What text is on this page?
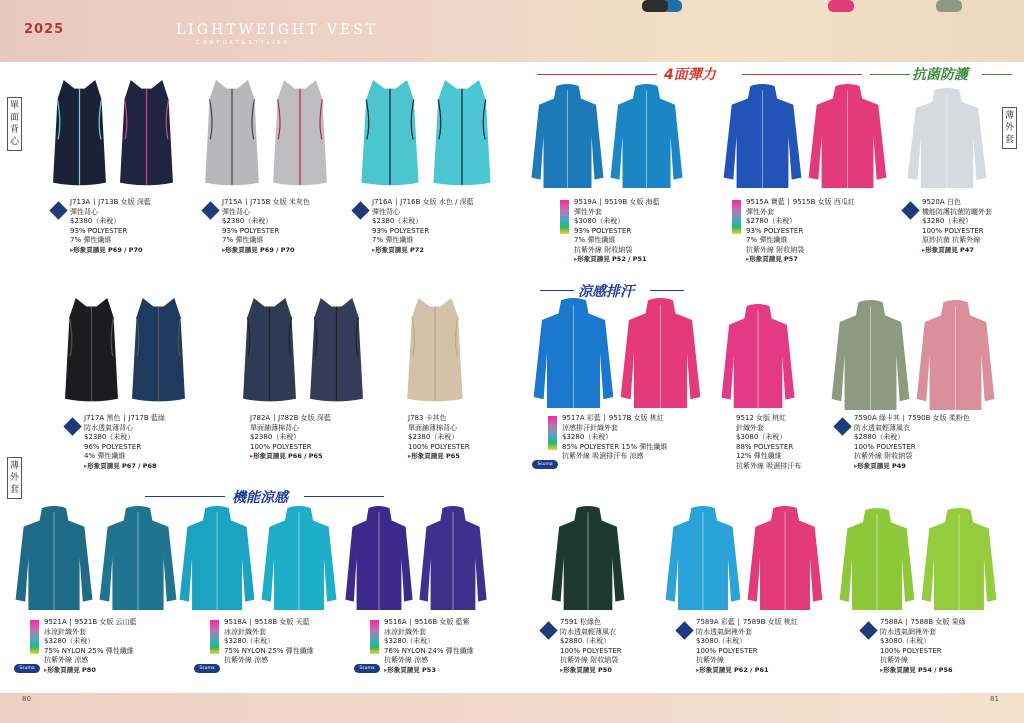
2025	LIGHTWEIGHT VEST
COMFORT&STYLISH
單
面
背
心
薄
外
套
薄
外
套
4面彈力	抗菌防護
涼感排汗
機能涼感
J713A ∣ J713B 女版 深藍
彈性背心
$2380（未稅）
93% POLYESTER
7% 彈性纖維
▸ 形象頁請見 P69 / P70
J715A ∣ J715B 女版 米灰色
彈性背心
$2380（未稅）
93% POLYESTER
7% 彈性纖維
▸ 形象頁請見 P69 / P70
J716A ∣ J716B 女版 水色 / 深藍
彈性背心
$2380（未稅）
93% POLYESTER
7% 彈性纖維
▸ 形象頁請見 P72
J717A 黑色 ∣ J717B 藍綠
防水透氣薄背心
$2380（未稅）
96% POLYESTER
4% 彈性纖維
▸ 形象頁請見 P67 / P68
J782A ∣ J782B 女版 深藍
單面鋪薄棉背心
$2380（未稅）
100% POLYESTER
▸ 形象頁請見 P66 / P65
J783 卡其色
單面鋪薄棉背心
$2380（未稅）
100% POLYESTER
▸ 形象頁請見 P65
9519A ∣ 9519B 女版 海藍
彈性外套
$3080（未稅）
93% POLYESTER
7% 彈性纖維
抗紫外線 附收納袋
▸ 形象頁請見 P52 / P51
9515A 寶藍 ∣ 9515B 女版 西瓜紅
彈性外套
$2780（未稅）
93% POLYESTER
7% 彈性纖維
抗紫外線 附收納袋
▸ 形象頁請見 P57
9520A 白色
機能防護抗菌防曬外套
$3280（未稅）
100% POLYESTER
原紗抗菌 抗紫外線
▸ 形象頁請見 P47
9517A 彩藍 ∣ 9517B 女版 桃紅
涼感排汗針織外套
$3280（未稅）
85% POLYESTER 15% 彈性纖維
抗紫外線 吸濕排汗布 涼感
Ssuma
9512 女版 桃紅
針織外套
$3080（未稅）
88% POLYESTER
12% 彈性纖維
抗紫外線 吸濕排汗布
7590A 綠卡其 ∣ 7590B 女版 柔粉色
防水透氣輕薄風衣
$2880（未稅）
100% POLYESTER
抗紫外線 附收納袋
▸ 形象頁請見 P49
9521A ∣ 9521B 女版 云山藍
冰涼針織外套
$3280（未稅）
75% NYLON 25% 彈性纖維
抗紫外線 涼感
▸ 形象頁請見 P80
Ssuma
9518A ∣ 9518B 女版 天藍
冰涼針織外套
$3280（未稅）
75% NYLON 25% 彈性纖維
抗紫外線 涼感
Ssuma
9516A ∣ 9516B 女版 藍紫
冰涼針織外套
$3280（未稅）
76% NYLON 24% 彈性纖維
抗紫外線 涼感
▸ 形象頁請見 P53
Ssuma
7591 松綠色
防水透氣輕薄風衣
$2880（未稅）
100% POLYESTER
抗紫外線 附收納袋
▸ 形象頁請見 P50
7589A 彩藍 ∣ 7589B 女版 桃紅
防水透氣網裡外套
$3080（未稅）
100% POLYESTER
抗紫外線
▸ 形象頁請見 P62 / P61
7588A ∣ 7588B 女版 果綠
防水透氣網裡外套
$3080（未稅）
100% POLYESTER
抗紫外線
▸ 形象頁請見 P54 / P56
80	81
